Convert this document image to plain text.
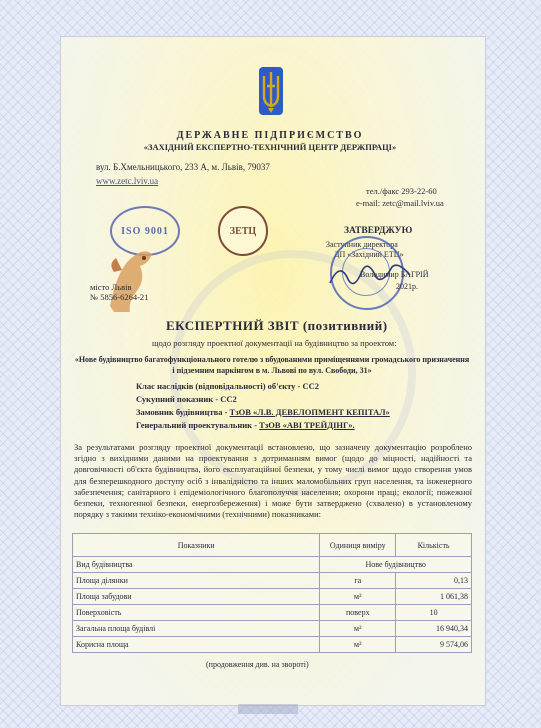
ДЕРЖАВНЕ ПІДПРИЄМСТВО
«ЗАХІДНИЙ ЕКСПЕРТНО-ТЕХНІЧНИЙ ЦЕНТР ДЕРЖПРАЦІ»
вул. Б.Хмельницького, 233 А, м. Львів, 79037
www.zetc.lviv.ua
тел./факс 293-22-60
e-mail: zetc@mail.lviv.ua
ISO 9001	ЗЕТЦ	ЗАТВЕРДЖУЮ
Заступник директора
ДП «Західний ЕТЦ»
Володимир БАГРІЙ
2021р.
місто Львів
№ 5856-6264-21
ЕКСПЕРТНИЙ ЗВІТ (позитивний)
щодо розгляду проектної документації на будівництво за проектом:
«Нове будівництво багатофункціонального готелю з вбудованими приміщеннями громадського призначення і підземним паркінгом в м. Львові по вул. Свободи, 31»
Клас наслідків (відповідальності) об'єкту - СС2
Сукупний показник - СС2
Замовник будівництва - ТзОВ «Л.В. ДЕВЕЛОПМЕНТ КЕПІТАЛ»
Генеральний проектувальник - ТзОВ «АВІ ТРЕЙДІНГ».
За результатами розгляду проектної документації встановлено, що зазначену документацію розроблено згідно з вихідними даними на проектування з дотриманням вимог (щодо до міцності, надійності та довговічності об'єкта будівництва, його експлуатаційної безпеки, у тому числі вимог щодо створення умов для безперешкодного доступу осіб з інвалідністю та інших маломобільних груп населення, та інженерного забезпечення; санітарного і епідеміологічного благополуччя населення; охорони праці; екології; пожежної безпеки, техногенної безпеки, енергозбереження) і може бути затверджено (схвалено) в установленому порядку з такими техніко-економічними (технічними) показниками:
Показники	Одиниця виміру	Кількість
Вид будівництва	Нове будівництво	
Площа ділянки	га	0,13
Площа забудови	м²	1 061,38
Поверховість	поверх	10
Загальна площа будівлі	м²	16 940,34
Корисна площа	м²	9 574,06
(продовження див. на звороті)
